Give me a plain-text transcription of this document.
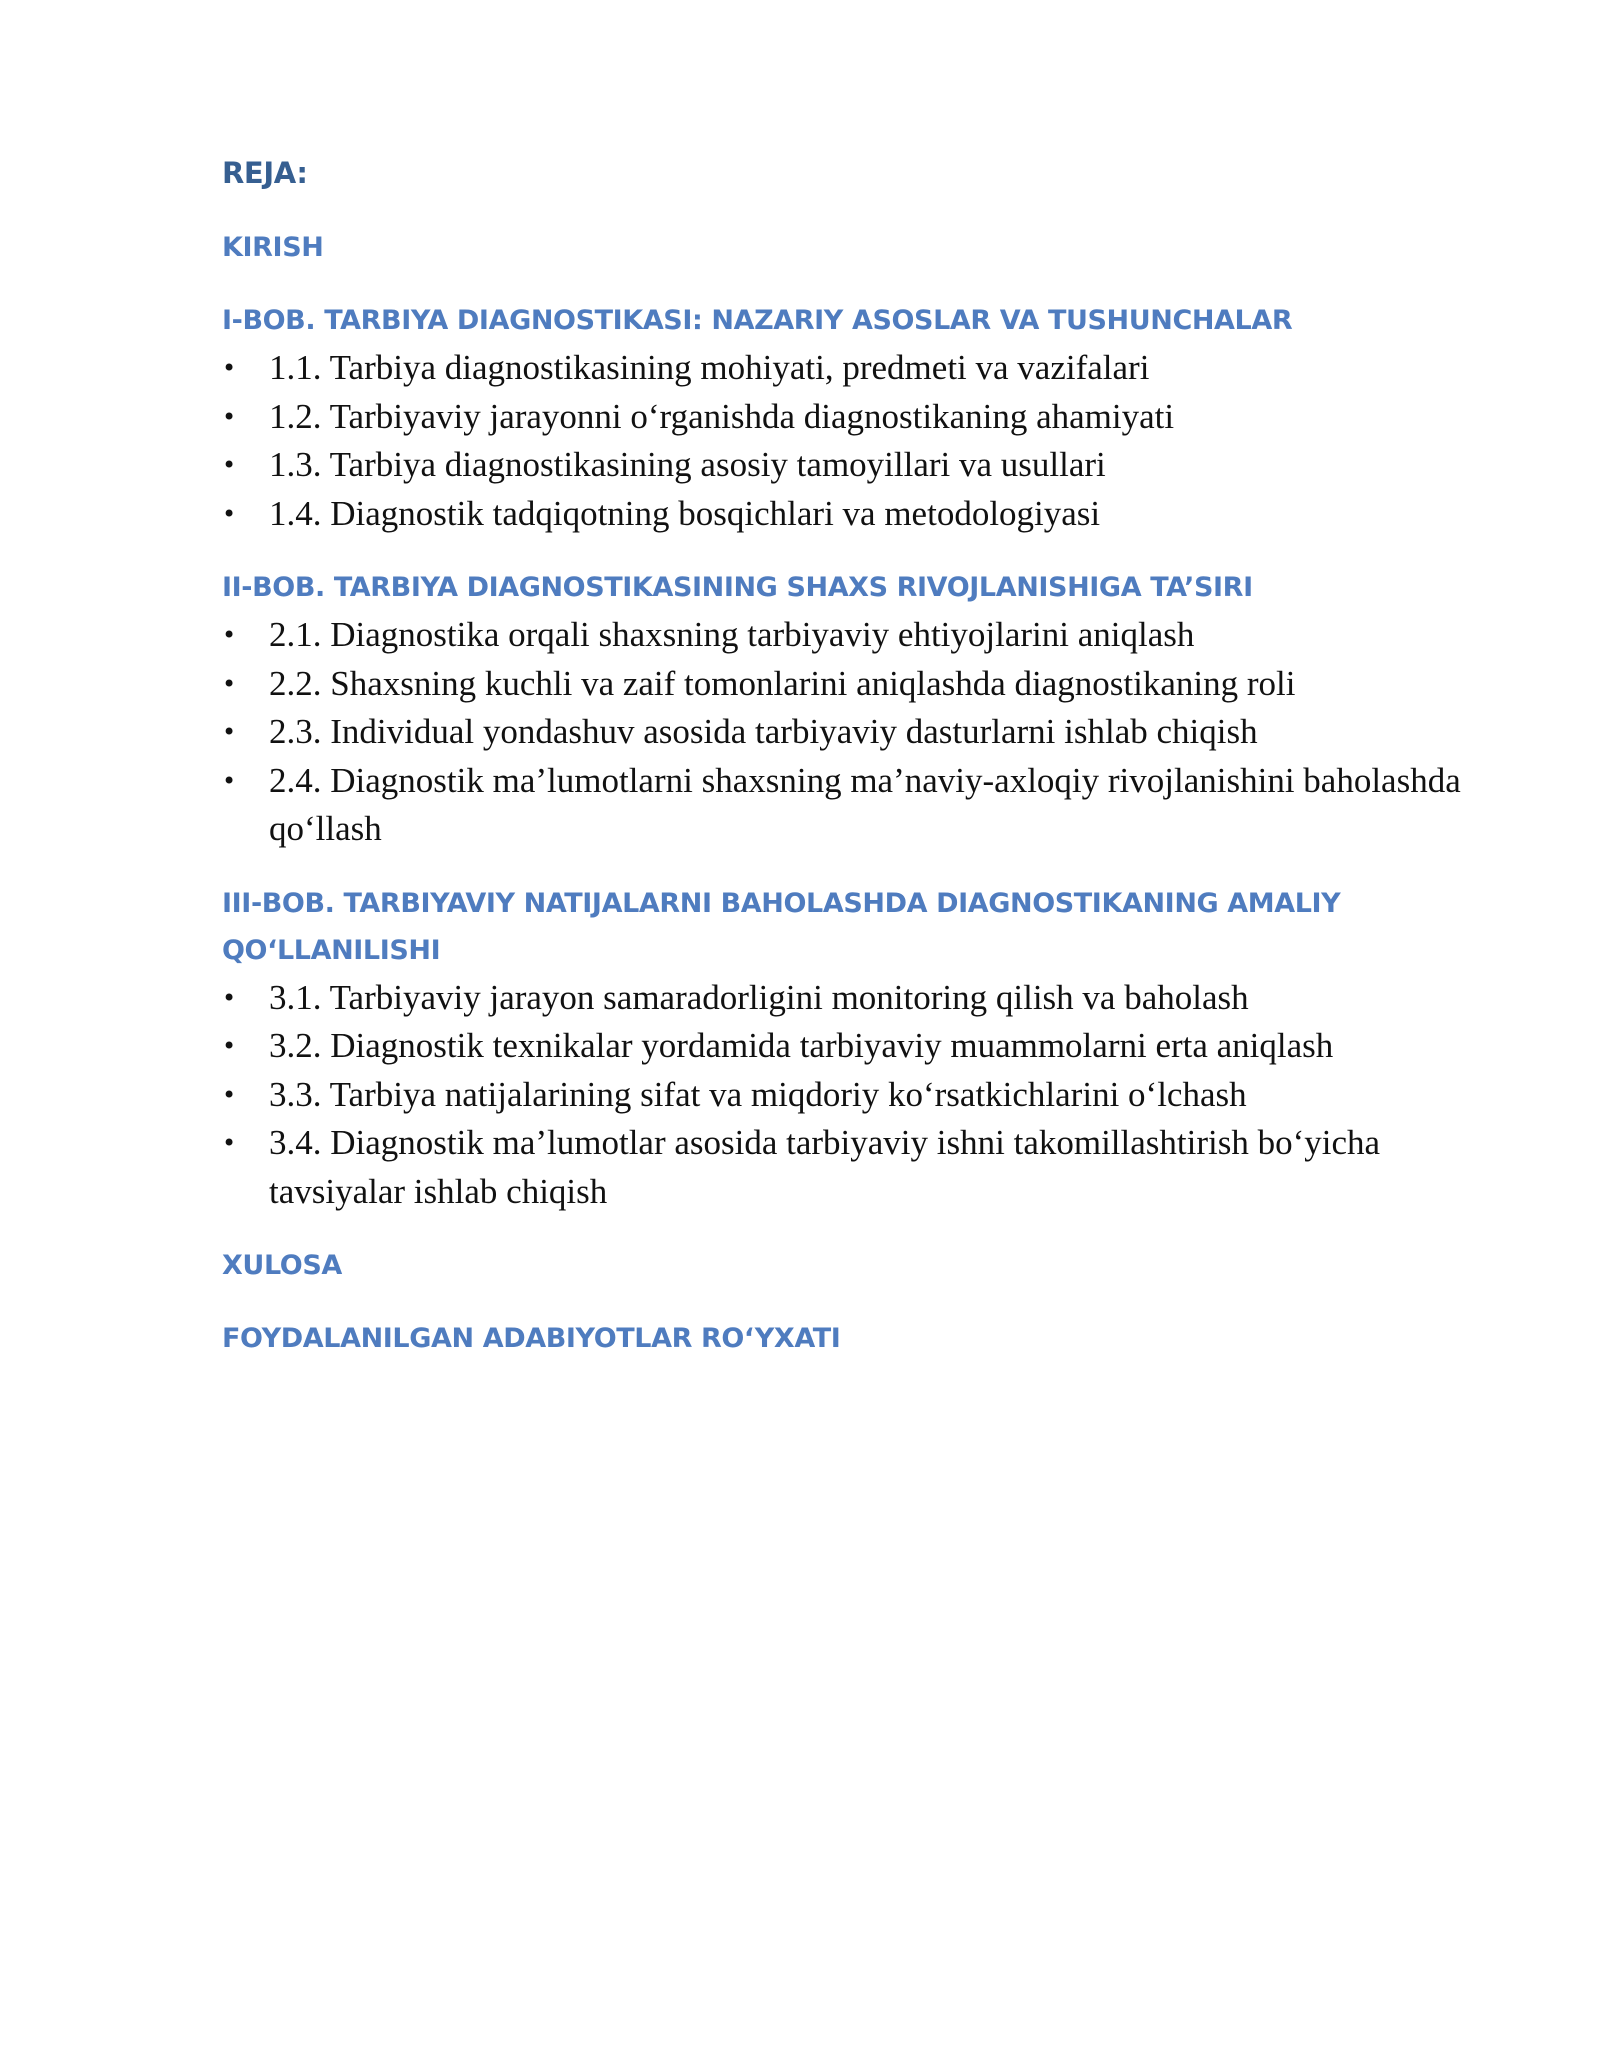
REJA:
KIRISH
I-BOB. TARBIYA DIAGNOSTIKASI: NAZARIY ASOSLAR VA TUSHUNCHALAR
• 1.1. Tarbiya diagnostikasining mohiyati, predmeti va vazifalari
• 1.2. Tarbiyaviy jarayonni o‘rganishda diagnostikaning ahamiyati
• 1.3. Tarbiya diagnostikasining asosiy tamoyillari va usullari
• 1.4. Diagnostik tadqiqotning bosqichlari va metodologiyasi
II-BOB. TARBIYA DIAGNOSTIKASINING SHAXS RIVOJLANISHIGA TA’SIRI
• 2.1. Diagnostika orqali shaxsning tarbiyaviy ehtiyojlarini aniqlash
• 2.2. Shaxsning kuchli va zaif tomonlarini aniqlashda diagnostikaning roli
• 2.3. Individual yondashuv asosida tarbiyaviy dasturlarni ishlab chiqish
• 2.4. Diagnostik ma’lumotlarni shaxsning ma’naviy-axloqiy rivojlanishini baholashda qo‘llash
III-BOB. TARBIYAVIY NATIJALARNI BAHOLASHDA DIAGNOSTIKANING AMALIY QO‘LLANILISHI
• 3.1. Tarbiyaviy jarayon samaradorligini monitoring qilish va baholash
• 3.2. Diagnostik texnikalar yordamida tarbiyaviy muammolarni erta aniqlash
• 3.3. Tarbiya natijalarining sifat va miqdoriy ko‘rsatkichlarini o‘lchash
• 3.4. Diagnostik ma’lumotlar asosida tarbiyaviy ishni takomillashtirish bo‘yicha tavsiyalar ishlab chiqish
XULOSA
FOYDALANILGAN ADABIYOTLAR RO‘YXATI
